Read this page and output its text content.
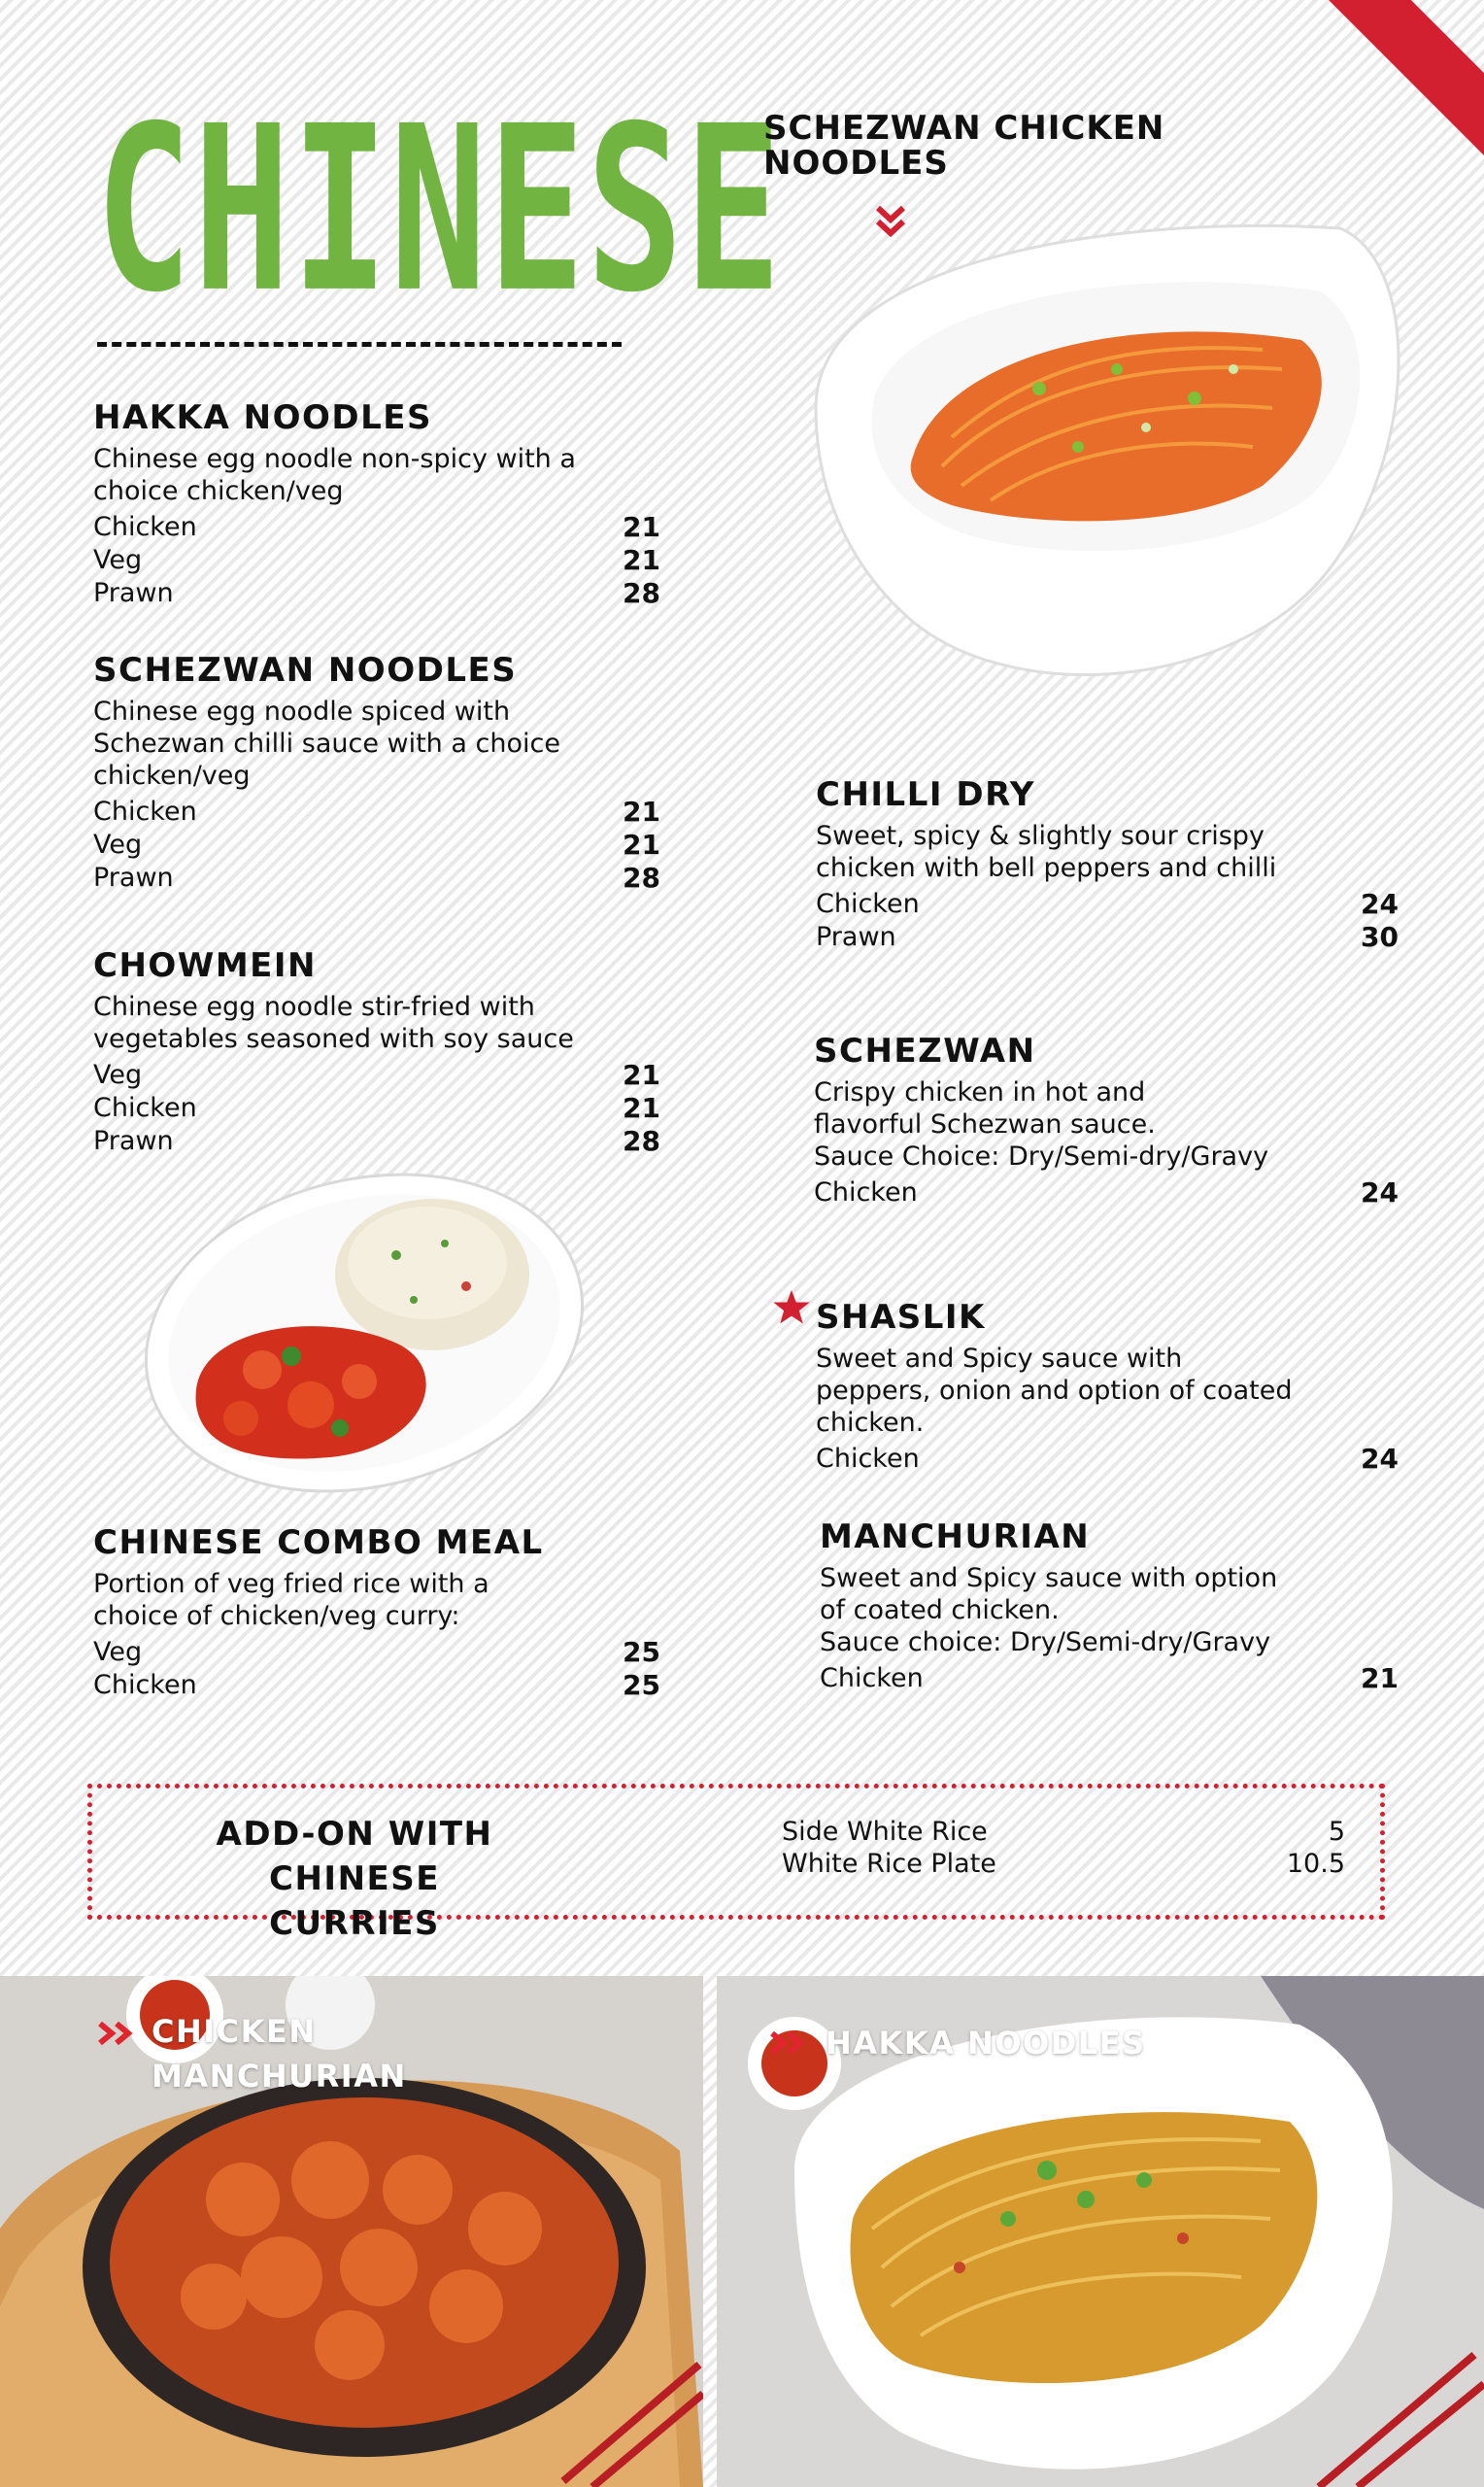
CHINESE
HAKKA NOODLES
Chinese egg noodle non-spicy with a choice chicken/veg
Chicken	21
Veg	21
Prawn	28
SCHEZWAN NOODLES
Chinese egg noodle spiced with Schezwan chilli sauce with a choice chicken/veg
Chicken	21
Veg	21
Prawn	28
CHOWMEIN
Chinese egg noodle stir-fried with vegetables seasoned with soy sauce
Veg	21
Chicken	21
Prawn	28
CHINESE COMBO MEAL
Portion of veg fried rice with a choice of chicken/veg curry:
Veg	25
Chicken	25
SCHEZWAN CHICKEN NOODLES
CHILLI DRY
Sweet, spicy & slightly sour crispy chicken with bell peppers and chilli
Chicken	24
Prawn	30
SCHEZWAN
Crispy chicken in hot and flavorful Schezwan sauce.
Sauce Choice: Dry/Semi-dry/Gravy
Chicken	24
SHASLIK
Sweet and Spicy sauce with peppers, onion and option of coated chicken.
Chicken	24
MANCHURIAN
Sweet and Spicy sauce with option of coated chicken.
Sauce choice: Dry/Semi-dry/Gravy
Chicken	21
ADD-ON WITH
CHINESE CURRIES
Side White Rice	5
White Rice Plate	10.5
CHICKEN
MANCHURIAN
HAKKA NOODLES
